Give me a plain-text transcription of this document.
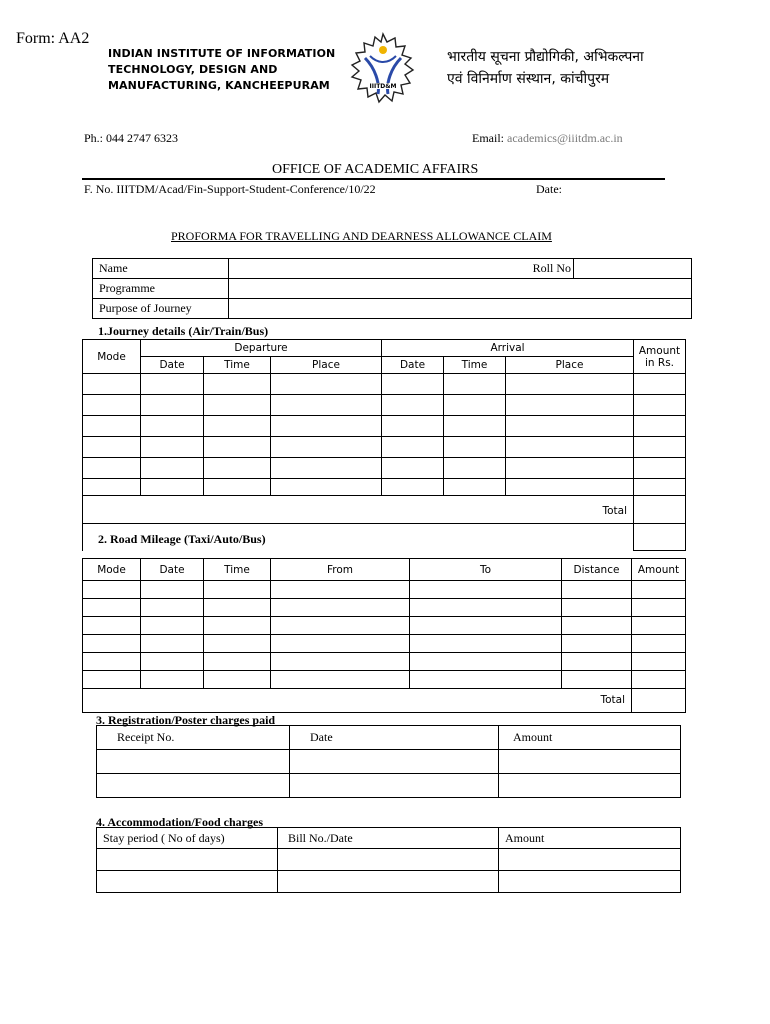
Form: AA2
INDIAN INSTITUTE OF INFORMATION
TECHNOLOGY, DESIGN AND
MANUFACTURING, KANCHEEPURAM	IIITD&M
भारतीय सूचना प्रौद्योगिकी, अभिकल्पना
एवं विनिर्माण संस्थान, कांचीपुरम
Ph.: 044 2747 6323	Email: academics@iiitdm.ac.in
OFFICE OF ACADEMIC AFFAIRS
F. No. IIITDM/Acad/Fin-Support-Student-Conference/10/22	Date:
PROFORMA FOR TRAVELLING AND DEARNESS ALLOWANCE CLAIM
Name		Roll No	
Programme			
Purpose of Journey			
1.Journey details (Air/Train/Bus)
Mode	Departure			Arrival			Amount
in Rs.

	Date	Time	Place	Date	Time	Place	

Total							

2. Road Mileage (Taxi/Auto/Bus)
Mode	Date	Time	From	To	Distance	Amount

Total						
3. Registration/Poster charges paid
Receipt No.	Date	Amount

4. Accommodation/Food charges
Stay period ( No of days)	Bill No./Date	Amount
